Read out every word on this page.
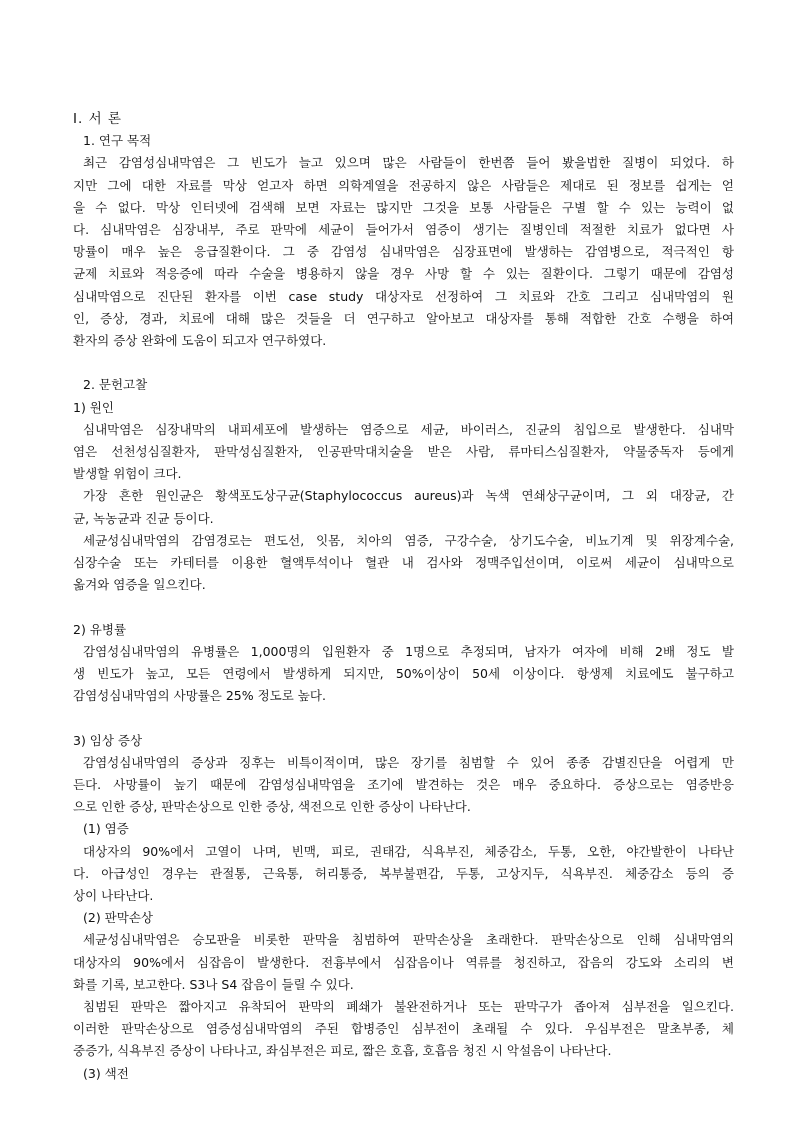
Ⅰ. 서 론
1. 연구 목적
최근 감염성심내막염은 그 빈도가 늘고 있으며 많은 사람들이 한번쯤 들어 봤을법한 질병이 되었다. 하
지만 그에 대한 자료를 막상 얻고자 하면 의학계열을 전공하지 않은 사람들은 제대로 된 정보를 쉽게는 얻
을 수 없다. 막상 인터넷에 검색해 보면 자료는 많지만 그것을 보통 사람들은 구별 할 수 있는 능력이 없
다. 심내막염은 심장내부, 주로 판막에 세균이 들어가서 염증이 생기는 질병인데 적절한 치료가 없다면 사
망률이 매우 높은 응급질환이다. 그 중 감염성 심내막염은 심장표면에 발생하는 감염병으로, 적극적인 항
균제 치료와 적응증에 따라 수술을 병용하지 않을 경우 사망 할 수 있는 질환이다. 그렇기 때문에 감염성
심내막염으로 진단된 환자를 이번 case study 대상자로 선정하여 그 치료와 간호 그리고 심내막염의 원
인, 증상, 경과, 치료에 대해 많은 것들을 더 연구하고 알아보고 대상자를 통해 적합한 간호 수행을 하여
환자의 증상 완화에 도움이 되고자 연구하였다.
2. 문헌고찰
1) 원인
심내막염은 심장내막의 내피세포에 발생하는 염증으로 세균, 바이러스, 진균의 침입으로 발생한다. 심내막
염은 선천성심질환자, 판막성심질환자, 인공판막대치술을 받은 사람, 류마티스심질환자, 약물중독자 등에게
발생할 위험이 크다.
가장 흔한 원인균은 황색포도상구균(Staphylococcus aureus)과 녹색 연쇄상구균이며, 그 외 대장균, 간
균, 녹농균과 진균 등이다.
세균성심내막염의 감염경로는 편도선, 잇몸, 치아의 염증, 구강수술, 상기도수술, 비뇨기계 및 위장계수술,
심장수술 또는 카테터를 이용한 혈액투석이나 혈관 내 검사와 정맥주입선이며, 이로써 세균이 심내막으로
옮겨와 염증을 일으킨다.
2) 유병률
감염성심내막염의 유병률은 1,000명의 입원환자 중 1명으로 추정되며, 남자가 여자에 비해 2배 정도 발
생 빈도가 높고, 모든 연령에서 발생하게 되지만, 50%이상이 50세 이상이다. 항생제 치료에도 불구하고
감염성심내막염의 사망률은 25% 정도로 높다.
3) 임상 증상
감염성심내막염의 증상과 징후는 비특이적이며, 많은 장기를 침범할 수 있어 종종 감별진단을 어렵게 만
든다. 사망률이 높기 때문에 감염성심내막염을 조기에 발견하는 것은 매우 중요하다. 증상으로는 염증반응
으로 인한 증상, 판막손상으로 인한 증상, 색전으로 인한 증상이 나타난다.
(1) 염증
대상자의 90%에서 고열이 나며, 빈맥, 피로, 권태감, 식욕부진, 체중감소, 두통, 오한, 야간발한이 나타난
다. 아급성인 경우는 관절통, 근육통, 허리통증, 복부불편감, 두통, 고상지두, 식욕부진. 체중감소 등의 증
상이 나타난다.
(2) 판막손상
세균성심내막염은 승모판을 비롯한 판막을 침범하여 판막손상을 초래한다. 판막손상으로 인해 심내막염의
대상자의 90%에서 심잡음이 발생한다. 전흉부에서 심잡음이나 역류를 청진하고, 잡음의 강도와 소리의 변
화를 기록, 보고한다. S3나 S4 잡음이 들릴 수 있다.
침범된 판막은 짧아지고 유착되어 판막의 폐쇄가 불완전하거나 또는 판막구가 좁아져 심부전을 일으킨다.
이러한 판막손상으로 염증성심내막염의 주된 합병증인 심부전이 초래될 수 있다. 우심부전은 말초부종, 체
중증가, 식욕부진 증상이 나타나고, 좌심부전은 피로, 짧은 호흡, 호흡음 청진 시 악설음이 나타난다.
(3) 색전
